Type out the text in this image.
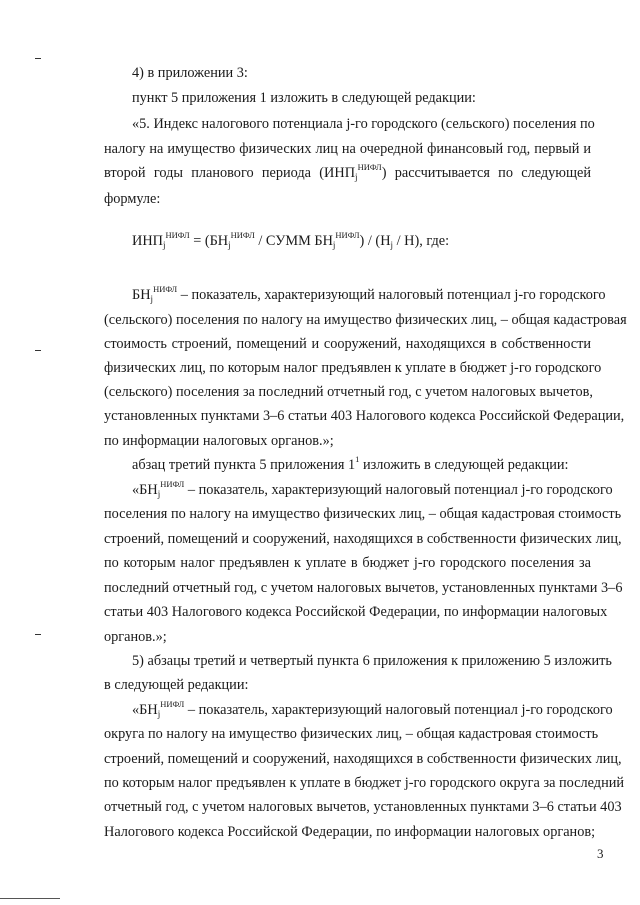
4) в приложении 3:
пункт 5 приложения 1 изложить в следующей редакции:
«5. Индекс налогового потенциала j-го городского (сельского) поселения по
налогу на имущество физических лиц на очередной финансовый год, первый и
второй годы планового периода $(ИНП_j^{НИФЛ})$ рассчитывается по следующей
формуле:
$БН_j^{НИФЛ}$ – показатель, характеризующий налоговый потенциал j-го городского
(сельского) поселения по налогу на имущество физических лиц, – общая кадастровая
стоимость строений, помещений и сооружений, находящихся в собственности
физических лиц, по которым налог предъявлен к уплате в бюджет j-го городского
(сельского) поселения за последний отчетный год, с учетом налоговых вычетов,
установленных пунктами 3–6 статьи 403 Налогового кодекса Российской Федерации,
по информации налоговых органов.»;
абзац третий пункта 5 приложения $1^1$ изложить в следующей редакции:
«$БН_j^{НИФЛ}$ – показатель, характеризующий налоговый потенциал j-го городского
поселения по налогу на имущество физических лиц, – общая кадастровая стоимость
строений, помещений и сооружений, находящихся в собственности физических лиц,
по которым налог предъявлен к уплате в бюджет j-го городского поселения за
последний отчетный год, с учетом налоговых вычетов, установленных пунктами 3–6
статьи 403 Налогового кодекса Российской Федерации, по информации налоговых
органов.»;
5) абзацы третий и четвертый пункта 6 приложения к приложению 5 изложить
в следующей редакции:
«$БН_j^{НИФЛ}$ – показатель, характеризующий налоговый потенциал j-го городского
округа по налогу на имущество физических лиц, – общая кадастровая стоимость
строений, помещений и сооружений, находящихся в собственности физических лиц,
по которым налог предъявлен к уплате в бюджет j-го городского округа за последний
отчетный год, с учетом налоговых вычетов, установленных пунктами 3–6 статьи 403
Налогового кодекса Российской Федерации, по информации налоговых органов;
$ИНП_j^{НИФЛ} = (БН_j^{НИФЛ}$ / СУММ $БН_j^{НИФЛ}) / (Н_j / Н)$, где:
3
